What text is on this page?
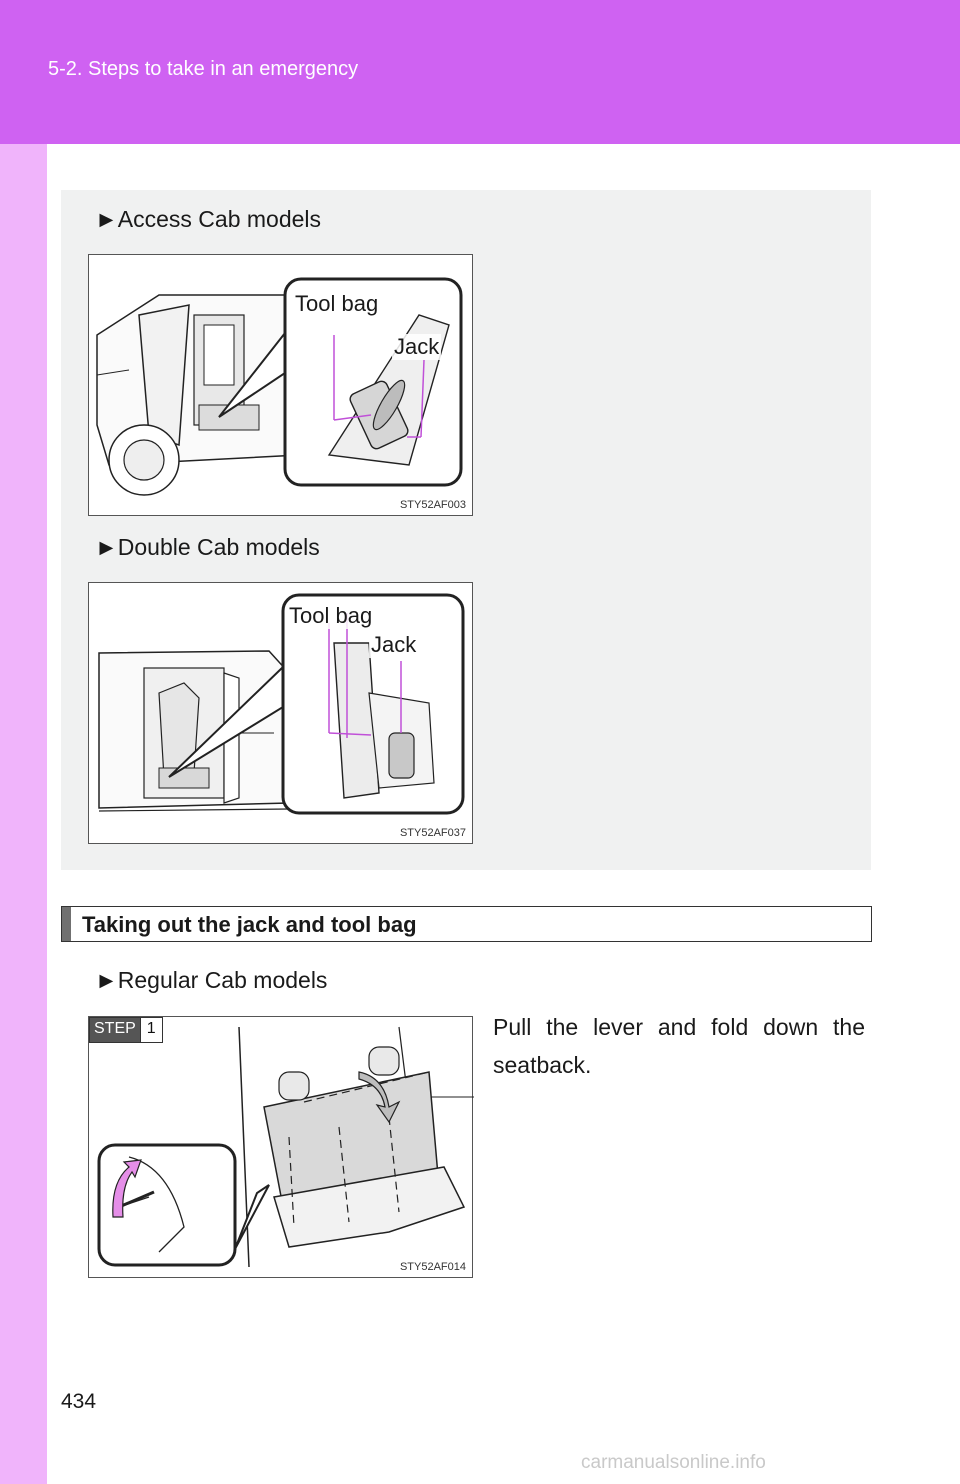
5-2. Steps to take in an emergency
►Access Cab models
Tool bag
Jack
STY52AF003
►Double Cab models
Tool bag
Jack
STY52AF037
Taking out the jack and tool bag
►Regular Cab models
STEP 1
STY52AF014
Pull the lever and fold down the seatback.
434
carmanualsonline.info
